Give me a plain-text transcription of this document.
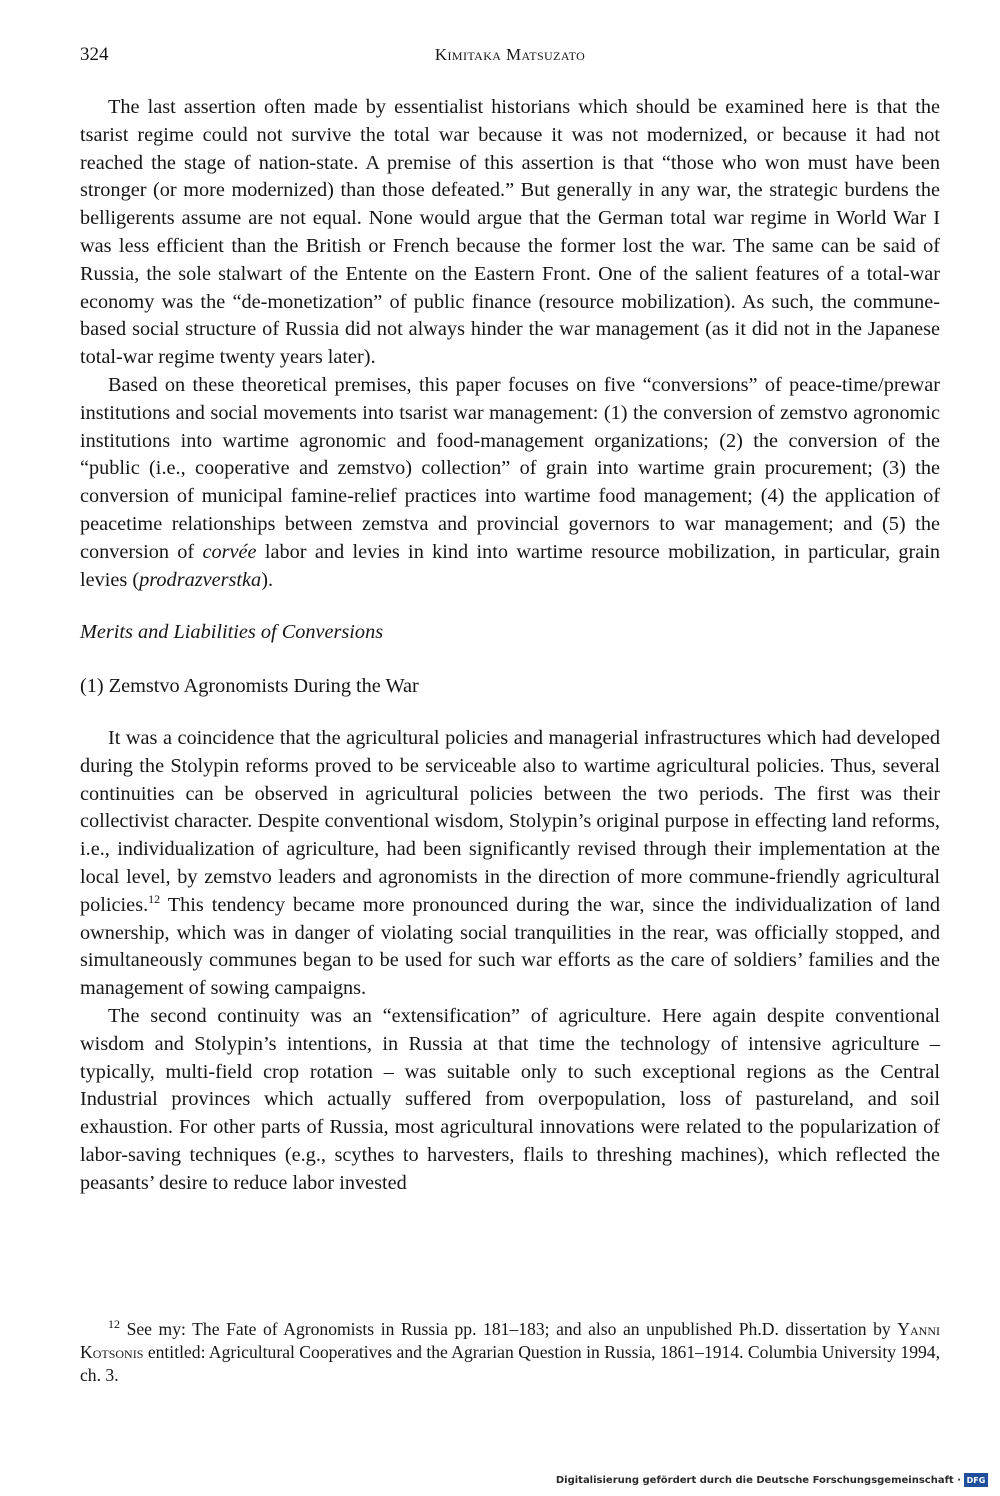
324	Kimitaka Matsuzato

The last assertion often made by essentialist historians which should be examined here is that the tsarist regime could not survive the total war because it was not modernized, or because it had not reached the stage of nation-state. A premise of this assertion is that “those who won must have been stronger (or more modernized) than those defeated.” But generally in any war, the strategic burdens the belligerents assume are not equal. None would argue that the German total war regime in World War I was less efficient than the British or French because the former lost the war. The same can be said of Russia, the sole stalwart of the Entente on the Eastern Front. One of the salient features of a total-war economy was the “de-monetization” of public finance (resource mobilization). As such, the commune-based social structure of Russia did not always hinder the war management (as it did not in the Japanese total-war regime twenty years later).

Based on these theoretical premises, this paper focuses on five “conversions” of peace-time/prewar institutions and social movements into tsarist war management: (1) the conversion of zemstvo agronomic institutions into wartime agronomic and food-management organizations; (2) the conversion of the “public (i.e., cooperative and zemstvo) collection” of grain into wartime grain procurement; (3) the conversion of municipal famine-relief practices into wartime food management; (4) the application of peacetime relationships between zemstva and provincial governors to war management; and (5) the conversion of corvée labor and levies in kind into wartime resource mobilization, in particular, grain levies (prodrazverstka).

Merits and Liabilities of Conversions
(1) Zemstvo Agronomists During the War

It was a coincidence that the agricultural policies and managerial infrastructures which had developed during the Stolypin reforms proved to be serviceable also to wartime agricultural policies. Thus, several continuities can be observed in agricultural policies between the two periods. The first was their collectivist character. Despite conventional wisdom, Stolypin’s original purpose in effecting land reforms, i.e., individualization of agriculture, had been significantly revised through their implementation at the local level, by zemstvo leaders and agronomists in the direction of more commune-friendly agricultural policies.$^{12}$ This tendency became more pronounced during the war, since the individualization of land ownership, which was in danger of violating social tranquilities in the rear, was officially stopped, and simultaneously communes began to be used for such war efforts as the care of soldiers’ families and the management of sowing campaigns.

The second continuity was an “extensification” of agriculture. Here again despite conventional wisdom and Stolypin’s intentions, in Russia at that time the technology of intensive agriculture – typically, multi-field crop rotation – was suitable only to such exceptional regions as the Central Industrial provinces which actually suffered from overpopulation, loss of pastureland, and soil exhaustion. For other parts of Russia, most agricultural innovations were related to the popularization of labor-saving techniques (e.g., scythes to harvesters, flails to threshing machines), which reflected the peasants’ desire to reduce labor invested

$^{12}$ See my: The Fate of Agronomists in Russia pp. 181–183; and also an unpublished Ph.D. dissertation by Yanni Kotsonis entitled: Agricultural Cooperatives and the Agrarian Question in Russia, 1861–1914. Columbia University 1994, ch. 3.

Digitalisierung gefördert durch die Deutsche Forschungsgemeinschaft · DFG
